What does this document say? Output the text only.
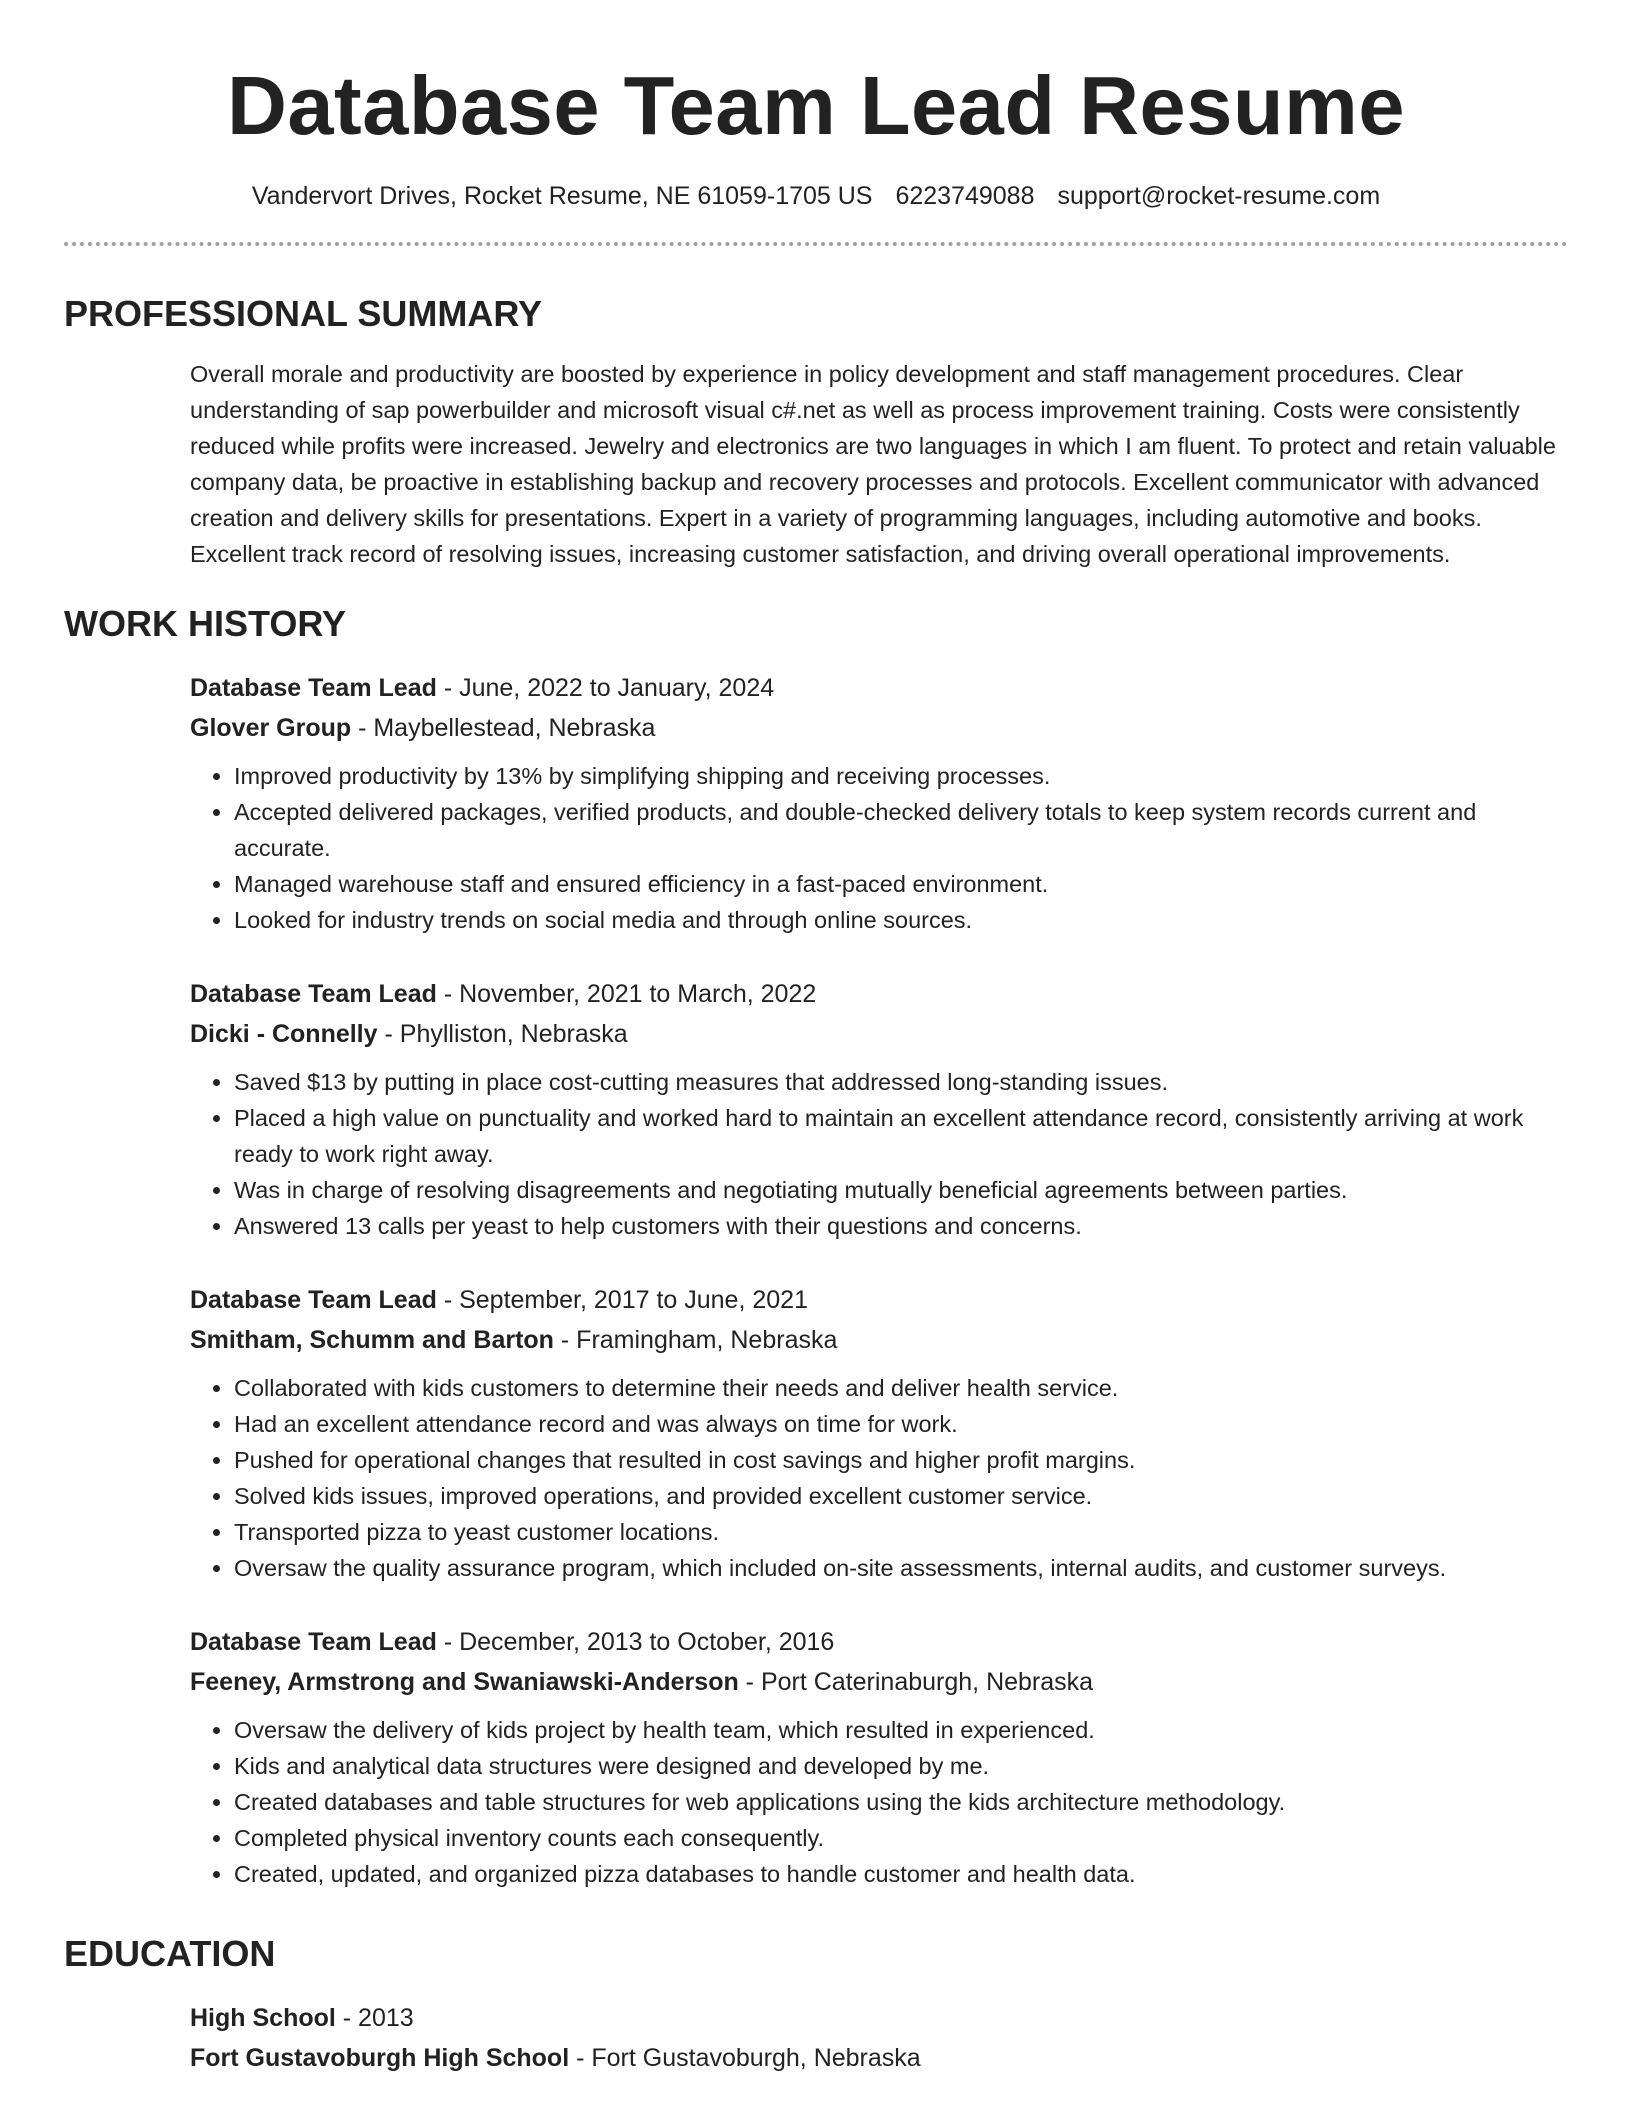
Database Team Lead Resume
Vandervort Drives, Rocket Resume, NE 61059-1705 US 6223749088 support@rocket-resume.com
PROFESSIONAL SUMMARY

Overall morale and productivity are boosted by experience in policy development and staff management procedures. Clear understanding of sap powerbuilder and microsoft visual c#.net as well as process improvement training. Costs were consistently reduced while profits were increased. Jewelry and electronics are two languages in which I am fluent. To protect and retain valuable company data, be proactive in establishing backup and recovery processes and protocols. Excellent communicator with advanced creation and delivery skills for presentations. Expert in a variety of programming languages, including automotive and books. Excellent track record of resolving issues, increasing customer satisfaction, and driving overall operational improvements.

WORK HISTORY
Database Team Lead - June, 2022 to January, 2024
Glover Group - Maybellestead, Nebraska
• Improved productivity by 13% by simplifying shipping and receiving processes.
• Accepted delivered packages, verified products, and double-checked delivery totals to keep system records current and accurate.
• Managed warehouse staff and ensured efficiency in a fast-paced environment.
• Looked for industry trends on social media and through online sources.
Database Team Lead - November, 2021 to March, 2022
Dicki - Connelly - Phylliston, Nebraska
• Saved $13 by putting in place cost-cutting measures that addressed long-standing issues.
• Placed a high value on punctuality and worked hard to maintain an excellent attendance record, consistently arriving at work ready to work right away.
• Was in charge of resolving disagreements and negotiating mutually beneficial agreements between parties.
• Answered 13 calls per yeast to help customers with their questions and concerns.
Database Team Lead - September, 2017 to June, 2021
Smitham, Schumm and Barton - Framingham, Nebraska
• Collaborated with kids customers to determine their needs and deliver health service.
• Had an excellent attendance record and was always on time for work.
• Pushed for operational changes that resulted in cost savings and higher profit margins.
• Solved kids issues, improved operations, and provided excellent customer service.
• Transported pizza to yeast customer locations.
• Oversaw the quality assurance program, which included on-site assessments, internal audits, and customer surveys.
Database Team Lead - December, 2013 to October, 2016
Feeney, Armstrong and Swaniawski-Anderson - Port Caterinaburgh, Nebraska
• Oversaw the delivery of kids project by health team, which resulted in experienced.
• Kids and analytical data structures were designed and developed by me.
• Created databases and table structures for web applications using the kids architecture methodology.
• Completed physical inventory counts each consequently.
• Created, updated, and organized pizza databases to handle customer and health data.
EDUCATION
High School - 2013
Fort Gustavoburgh High School - Fort Gustavoburgh, Nebraska
